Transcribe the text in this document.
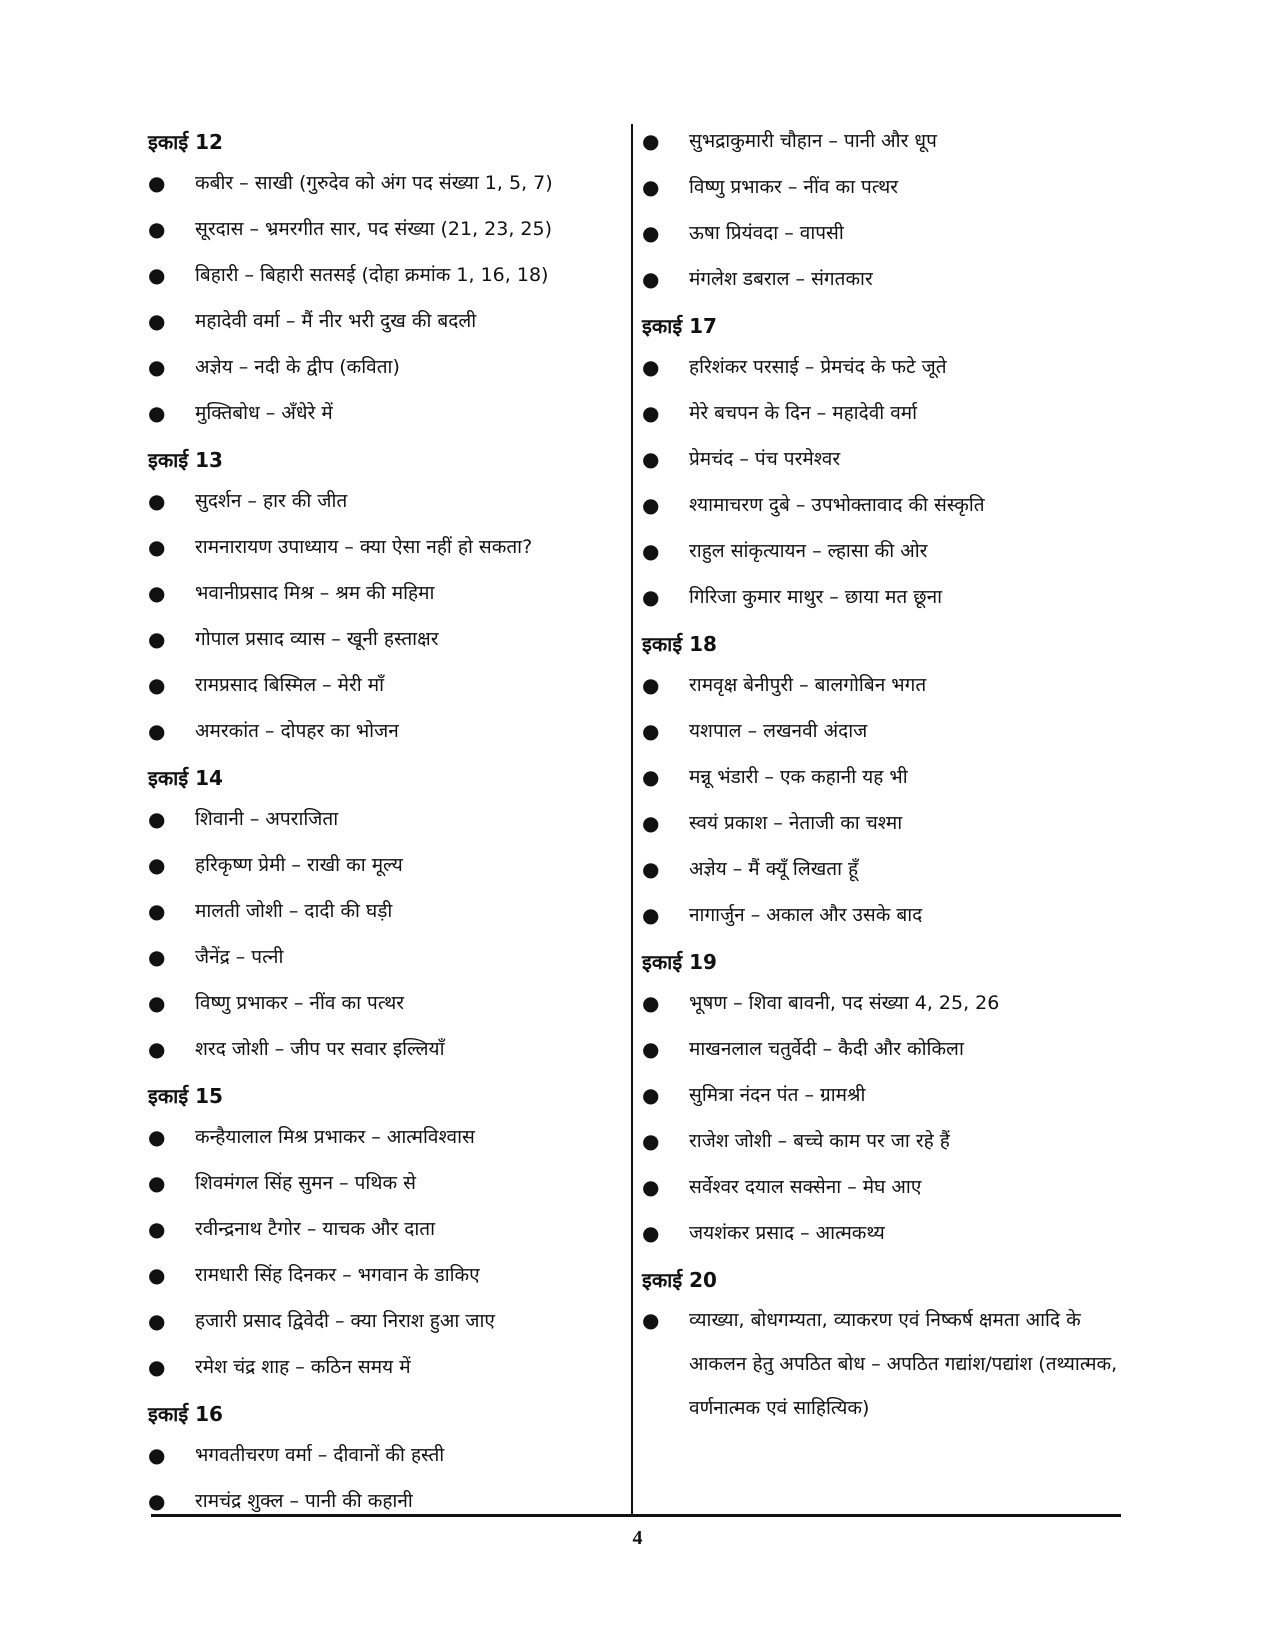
इकाई 12
● कबीर – साखी (गुरुदेव को अंग पद संख्या 1, 5, 7)
● सूरदास – भ्रमरगीत सार, पद संख्या (21, 23, 25)
● बिहारी – बिहारी सतसई (दोहा क्रमांक 1, 16, 18)
● महादेवी वर्मा – मैं नीर भरी दुख की बदली
● अज्ञेय – नदी के द्वीप (कविता)
● मुक्तिबोध – अँधेरे में
इकाई 13
● सुदर्शन – हार की जीत
● रामनारायण उपाध्याय – क्या ऐसा नहीं हो सकता?
● भवानीप्रसाद मिश्र – श्रम की महिमा
● गोपाल प्रसाद व्यास – खूनी हस्ताक्षर
● रामप्रसाद बिस्मिल – मेरी माँ
● अमरकांत – दोपहर का भोजन
इकाई 14
● शिवानी – अपराजिता
● हरिकृष्ण प्रेमी – राखी का मूल्य
● मालती जोशी – दादी की घड़ी
● जैनेंद्र – पत्नी
● विष्णु प्रभाकर – नींव का पत्थर
● शरद जोशी – जीप पर सवार इल्लियाँ
इकाई 15
● कन्हैयालाल मिश्र प्रभाकर – आत्मविश्वास
● शिवमंगल सिंह सुमन – पथिक से
● रवीन्द्रनाथ टैगोर – याचक और दाता
● रामधारी सिंह दिनकर – भगवान के डाकिए
● हजारी प्रसाद द्विवेदी – क्या निराश हुआ जाए
● रमेश चंद्र शाह – कठिन समय में
इकाई 16
● भगवतीचरण वर्मा – दीवानों की हस्ती
● रामचंद्र शुक्ल – पानी की कहानी
● सुभद्राकुमारी चौहान – पानी और धूप
● विष्णु प्रभाकर – नींव का पत्थर
● ऊषा प्रियंवदा – वापसी
● मंगलेश डबराल – संगतकार
इकाई 17
● हरिशंकर परसाई – प्रेमचंद के फटे जूते
● मेरे बचपन के दिन – महादेवी वर्मा
● प्रेमचंद – पंच परमेश्वर
● श्यामाचरण दुबे – उपभोक्तावाद की संस्कृति
● राहुल सांकृत्यायन – ल्हासा की ओर
● गिरिजा कुमार माथुर – छाया मत छूना
इकाई 18
● रामवृक्ष बेनीपुरी – बालगोबिन भगत
● यशपाल – लखनवी अंदाज
● मन्नू भंडारी – एक कहानी यह भी
● स्वयं प्रकाश – नेताजी का चश्मा
● अज्ञेय – मैं क्यूँ लिखता हूँ
● नागार्जुन – अकाल और उसके बाद
इकाई 19
● भूषण – शिवा बावनी, पद संख्या 4, 25, 26
● माखनलाल चतुर्वेदी – कैदी और कोकिला
● सुमित्रा नंदन पंत – ग्रामश्री
● राजेश जोशी – बच्चे काम पर जा रहे हैं
● सर्वेश्वर दयाल सक्सेना – मेघ आए
● जयशंकर प्रसाद – आत्मकथ्य
इकाई 20
● व्याख्या, बोधगम्यता, व्याकरण एवं निष्कर्ष क्षमता आदि के आकलन हेतु अपठित बोध – अपठित गद्यांश/पद्यांश (तथ्यात्मक, वर्णनात्मक एवं साहित्यिक)
4
